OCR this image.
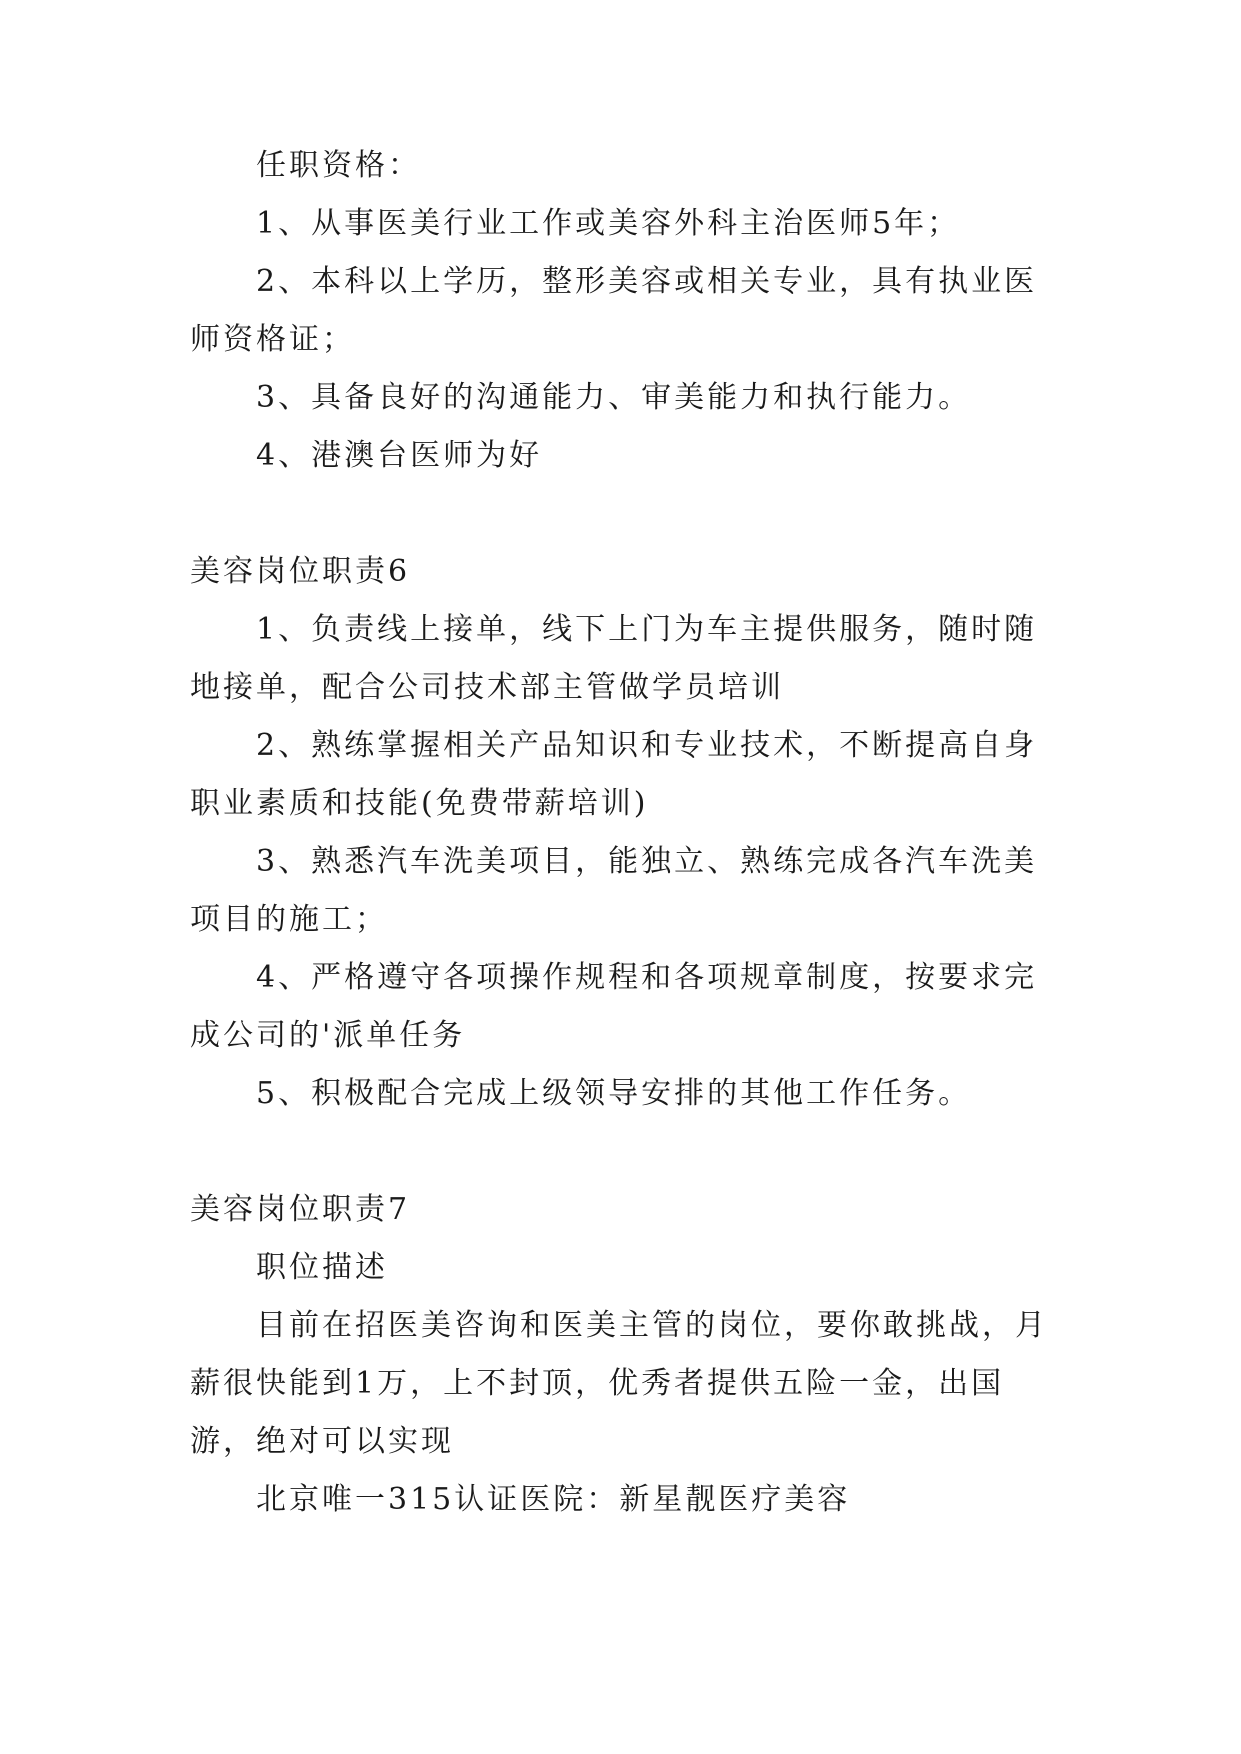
任职资格：

1、从事医美行业工作或美容外科主治医师5年；

2、本科以上学历，整形美容或相关专业，具有执业医师资格证；

3、具备良好的沟通能力、审美能力和执行能力。

4、港澳台医师为好

美容岗位职责6

1、负责线上接单，线下上门为车主提供服务，随时随地接单，配合公司技术部主管做学员培训

2、熟练掌握相关产品知识和专业技术，不断提高自身职业素质和技能(免费带薪培训)

3、熟悉汽车洗美项目，能独立、熟练完成各汽车洗美项目的施工；

4、严格遵守各项操作规程和各项规章制度，按要求完成公司的'派单任务

5、积极配合完成上级领导安排的其他工作任务。

美容岗位职责7

职位描述

目前在招医美咨询和医美主管的岗位，要你敢挑战，月薪很快能到1万，上不封顶，优秀者提供五险一金，出国游，绝对可以实现

北京唯一315认证医院：新星靓医疗美容
